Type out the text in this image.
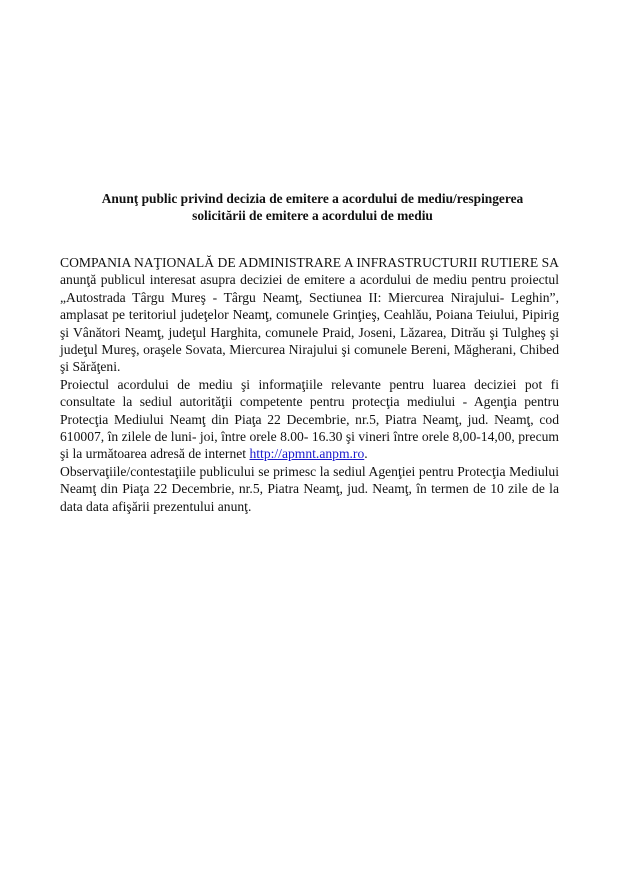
Anunţ public privind decizia de emitere a acordului de mediu/respingerea
solicitării de emitere a acordului de mediu

COMPANIA NAŢIONALĂ DE ADMINISTRARE A INFRASTRUCTURII RUTIERE SA anunţă publicul interesat asupra deciziei de emitere a acordului de mediu pentru proiectul „Autostrada Târgu Mureş - Târgu Neamţ, Sectiunea II: Miercurea Nirajului- Leghin”, amplasat pe teritoriul judeţelor Neamţ, comunele Grinţieş, Ceahlău, Poiana Teiului, Pipirig şi Vânători Neamţ, judeţul Harghita, comunele Praid, Joseni, Lăzarea, Ditrău şi Tulgheş şi judeţul Mureş, oraşele Sovata, Miercurea Nirajului şi comunele Bereni, Măgherani, Chibed şi Sărăţeni.

Proiectul acordului de mediu şi informaţiile relevante pentru luarea deciziei pot fi consultate la sediul autorităţii competente pentru protecţia mediului - Agenţia pentru Protecţia Mediului Neamţ din Piaţa 22 Decembrie, nr.5, Piatra Neamţ, jud. Neamţ, cod 610007, în zilele de luni- joi, între orele 8.00- 16.30 şi vineri între orele 8,00-14,00, precum şi la următoarea adresă de internet http://apmnt.anpm.ro.

Observaţiile/contestaţiile publicului se primesc la sediul Agenţiei pentru Protecţia Mediului Neamţ din Piaţa 22 Decembrie, nr.5, Piatra Neamţ, jud. Neamţ, în termen de 10 zile de la data data afişării prezentului anunţ.
